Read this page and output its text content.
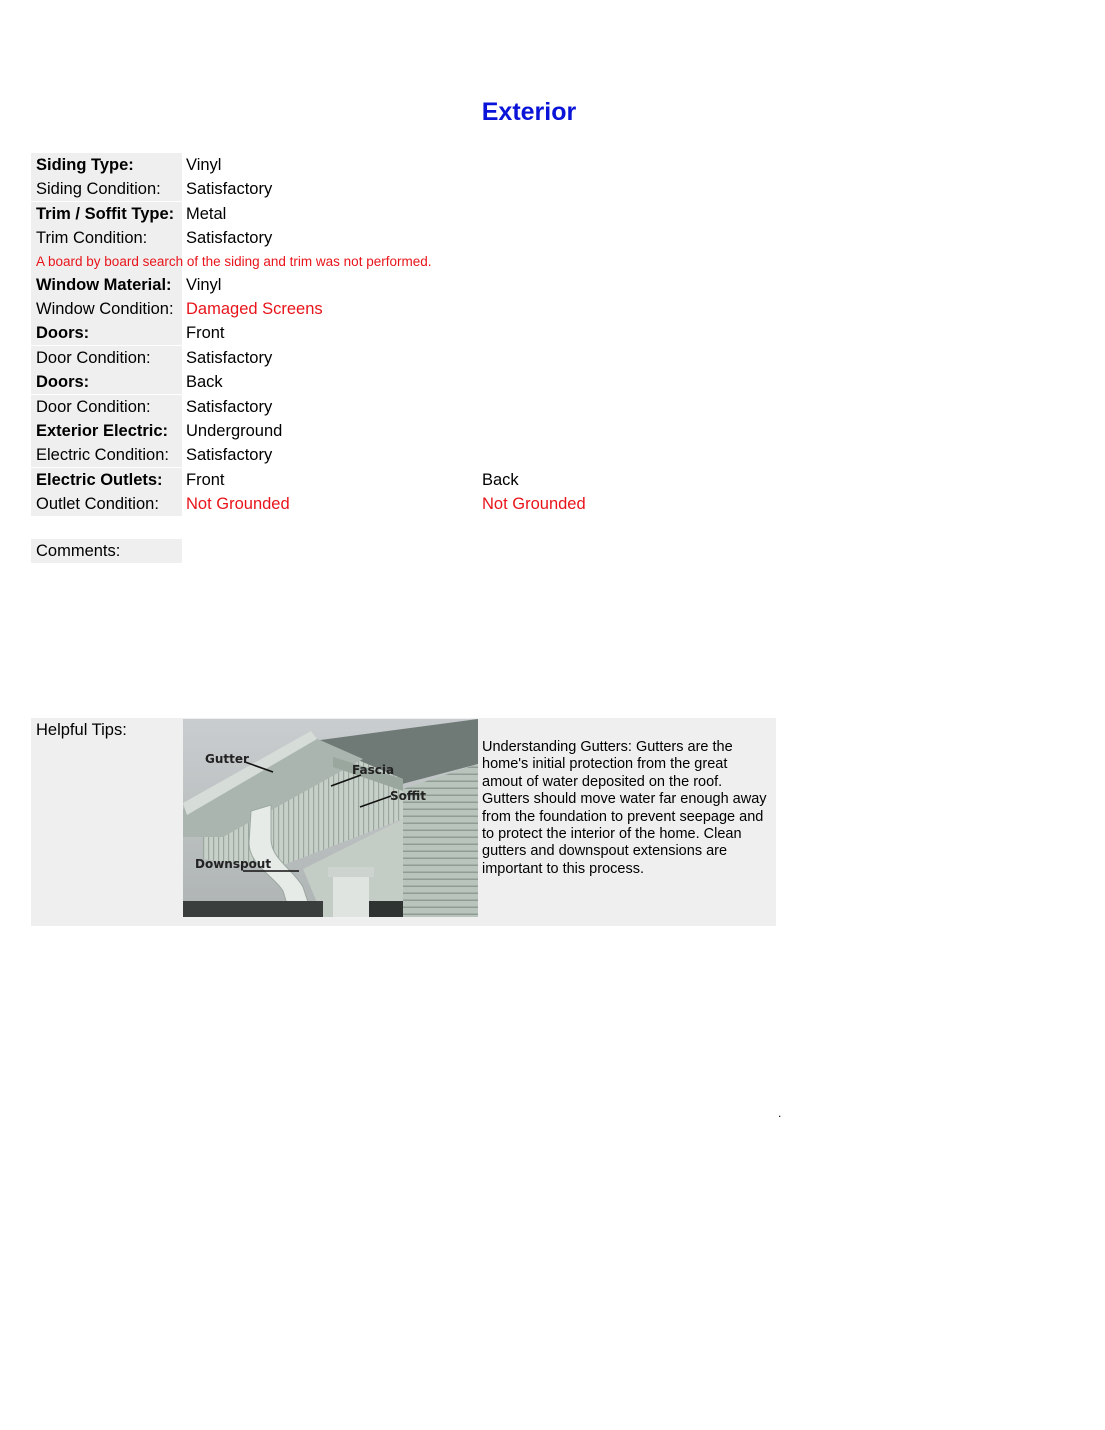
Exterior
Siding Type:	Vinyl
Siding Condition:	Satisfactory
Trim / Soffit Type: Metal
Trim Condition:	Satisfactory
A board by board search of the siding and trim was not performed.
Window Material: Vinyl
Window Condition: Damaged Screens
Doors:	Front
Door Condition:	Satisfactory
Doors:	Back
Door Condition:	Satisfactory
Exterior Electric:	Underground
Electric Condition:	Satisfactory
Electric Outlets:	Front	Back
Outlet Condition:	Not Grounded	Not Grounded
Comments:
Helpful Tips:
Gutter
Fascia
Soffit
Downspout
Understanding Gutters: Gutters are the home's initial protection from the great amout of water deposited on the roof. Gutters should move water far enough away from the foundation to prevent seepage and to protect the interior of the home. Clean gutters and downspout extensions are important to this process.
.
